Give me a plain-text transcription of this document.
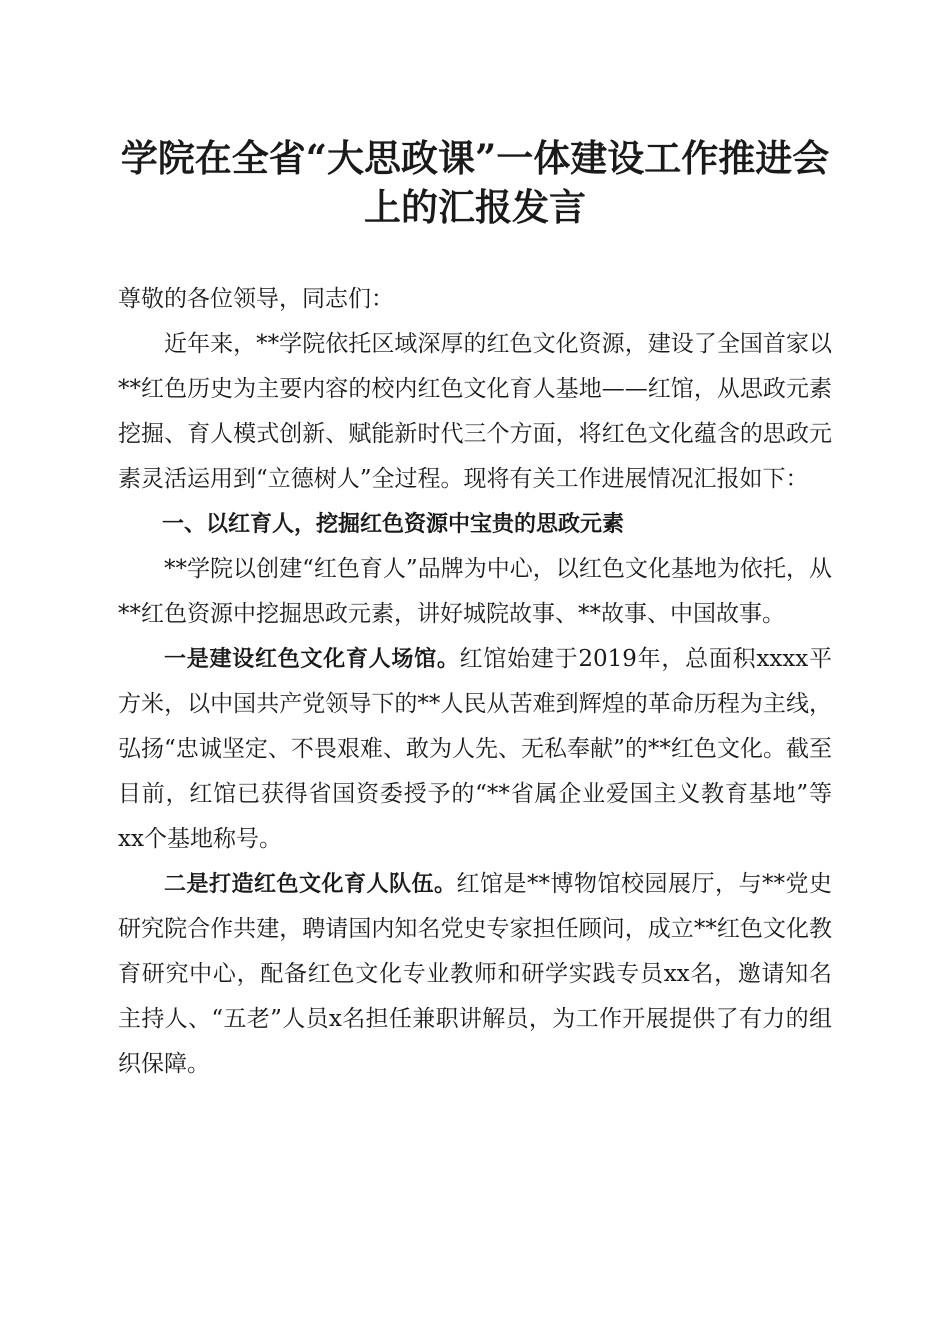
学院在全省“大思政课”一体建设工作推进会
上的汇报发言

尊敬的各位领导，同志们：

近年来，**学院依托区域深厚的红色文化资源，建设了全国首家以**红色历史为主要内容的校内红色文化育人基地——红馆，从思政元素挖掘、育人模式创新、赋能新时代三个方面，将红色文化蕴含的思政元素灵活运用到“立德树人”全过程。现将有关工作进展情况汇报如下：

一、以红育人，挖掘红色资源中宝贵的思政元素

**学院以创建“红色育人”品牌为中心，以红色文化基地为依托，从**红色资源中挖掘思政元素，讲好城院故事、**故事、中国故事。

一是建设红色文化育人场馆。红馆始建于2019年，总面积xxxx平方米，以中国共产党领导下的**人民从苦难到辉煌的革命历程为主线，弘扬“忠诚坚定、不畏艰难、敢为人先、无私奉献”的**红色文化。截至目前，红馆已获得省国资委授予的“**省属企业爱国主义教育基地”等xx个基地称号。

二是打造红色文化育人队伍。红馆是**博物馆校园展厅，与**党史研究院合作共建，聘请国内知名党史专家担任顾问，成立**红色文化教育研究中心，配备红色文化专业教师和研学实践专员xx名，邀请知名主持人、“五老”人员x名担任兼职讲解员，为工作开展提供了有力的组织保障。
